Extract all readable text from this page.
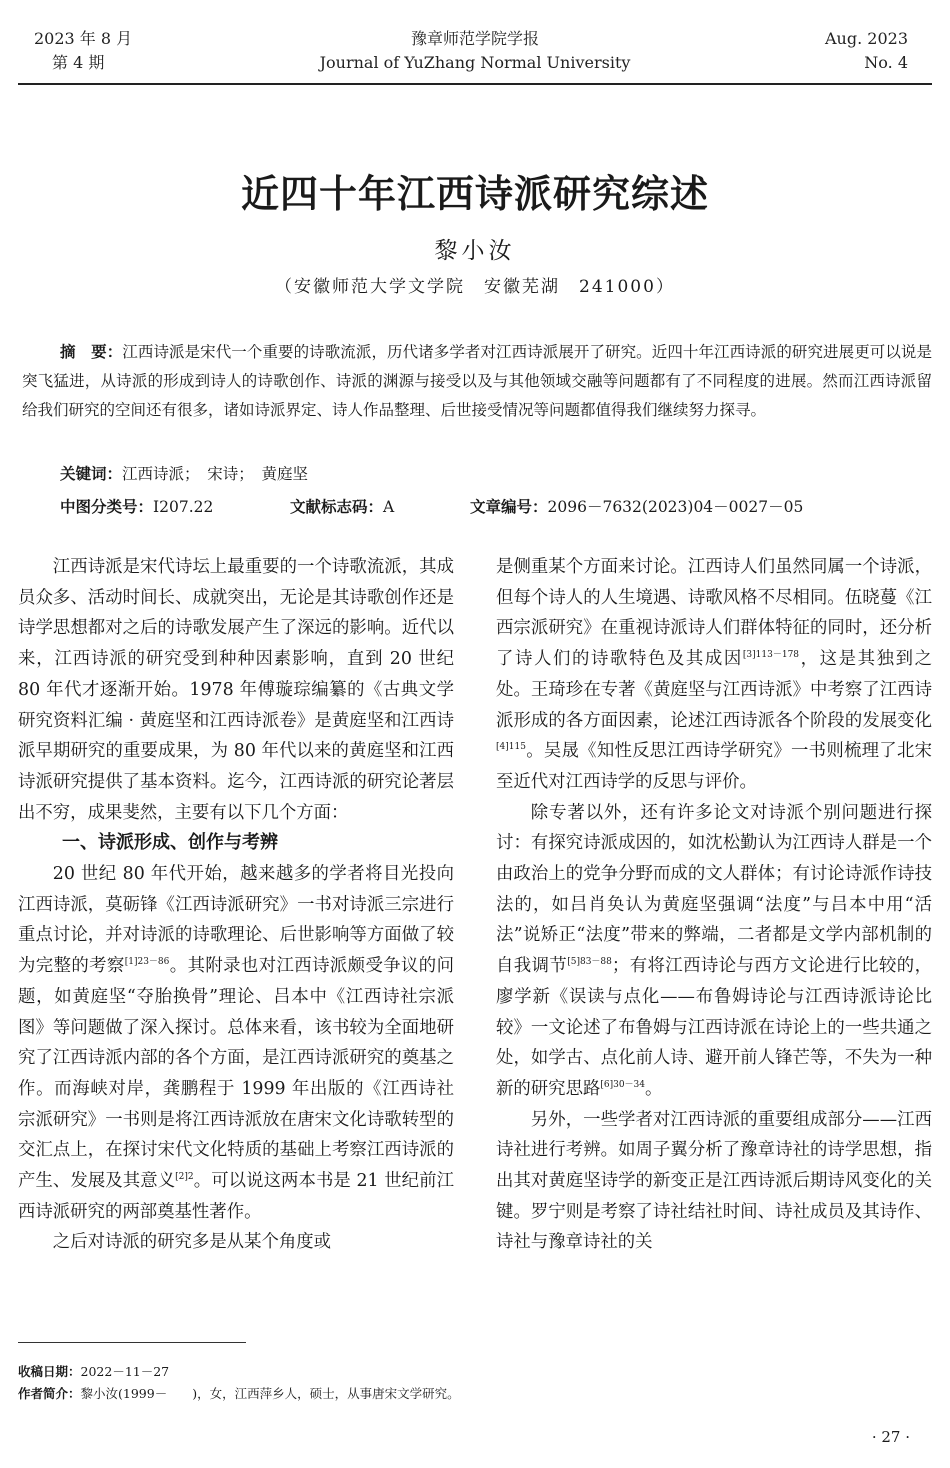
2023 年 8 月
第 4 期
豫章师范学院学报
Journal of YuZhang Normal University
Aug. 2023
No. 4
近四十年江西诗派研究综述
黎小汝
（安徽师范大学文学院　安徽芜湖　241000）
摘　要：江西诗派是宋代一个重要的诗歌流派，历代诸多学者对江西诗派展开了研究。近四十年江西诗派的研究进展更可以说是突飞猛进，从诗派的形成到诗人的诗歌创作、诗派的渊源与接受以及与其他领域交融等问题都有了不同程度的进展。然而江西诗派留给我们研究的空间还有很多，诸如诗派界定、诗人作品整理、后世接受情况等问题都值得我们继续努力探寻。
关键词：江西诗派；　宋诗；　黄庭坚
中图分类号：I207.22	文献标志码：A	文章编号：2096－7632(2023)04－0027－05

江西诗派是宋代诗坛上最重要的一个诗歌流派，其成员众多、活动时间长、成就突出，无论是其诗歌创作还是诗学思想都对之后的诗歌发展产生了深远的影响。近代以来，江西诗派的研究受到种种因素影响，直到 20 世纪 80 年代才逐渐开始。1978 年傅璇琮编纂的《古典文学研究资料汇编 · 黄庭坚和江西诗派卷》是黄庭坚和江西诗派早期研究的重要成果，为 80 年代以来的黄庭坚和江西诗派研究提供了基本资料。迄今，江西诗派的研究论著层出不穷，成果斐然，主要有以下几个方面：

一、诗派形成、创作与考辨

20 世纪 80 年代开始，越来越多的学者将目光投向江西诗派，莫砺锋《江西诗派研究》一书对诗派三宗进行重点讨论，并对诗派的诗歌理论、后世影响等方面做了较为完整的考察$^{[1]23-86}$。其附录也对江西诗派颇受争议的问题，如黄庭坚“夺胎换骨”理论、吕本中《江西诗社宗派图》等问题做了深入探讨。总体来看，该书较为全面地研究了江西诗派内部的各个方面，是江西诗派研究的奠基之作。而海峡对岸，龚鹏程于 1999 年出版的《江西诗社宗派研究》一书则是将江西诗派放在唐宋文化诗歌转型的交汇点上，在探讨宋代文化特质的基础上考察江西诗派的产生、发展及其意义$^{[2]2}$。可以说这两本书是 21 世纪前江西诗派研究的两部奠基性著作。

之后对诗派的研究多是从某个角度或

是侧重某个方面来讨论。江西诗人们虽然同属一个诗派，但每个诗人的人生境遇、诗歌风格不尽相同。伍晓蔓《江西宗派研究》在重视诗派诗人们群体特征的同时，还分析了诗人们的诗歌特色及其成因$^{[3]113-178}$，这是其独到之处。王琦珍在专著《黄庭坚与江西诗派》中考察了江西诗派形成的各方面因素，论述江西诗派各个阶段的发展变化$^{[4]115}$。吴晟《知性反思江西诗学研究》一书则梳理了北宋至近代对江西诗学的反思与评价。

除专著以外，还有许多论文对诗派个别问题进行探讨：有探究诗派成因的，如沈松勤认为江西诗人群是一个由政治上的党争分野而成的文人群体；有讨论诗派作诗技法的，如吕肖奂认为黄庭坚强调“法度”与吕本中用“活法”说矫正“法度”带来的弊端，二者都是文学内部机制的自我调节$^{[5]83-88}$；有将江西诗论与西方文论进行比较的，廖学新《误读与点化——布鲁姆诗论与江西诗派诗论比较》一文论述了布鲁姆与江西诗派在诗论上的一些共通之处，如学古、点化前人诗、避开前人锋芒等，不失为一种新的研究思路$^{[6]30-34}$。

另外，一些学者对江西诗派的重要组成部分——江西诗社进行考辨。如周子翼分析了豫章诗社的诗学思想，指出其对黄庭坚诗学的新变正是江西诗派后期诗风变化的关键。罗宁则是考察了诗社结社时间、诗社成员及其诗作、诗社与豫章诗社的关

收稿日期：2022－11－27
作者简介：黎小汝(1999－　　)，女，江西萍乡人，硕士，从事唐宋文学研究。
· 27 ·
